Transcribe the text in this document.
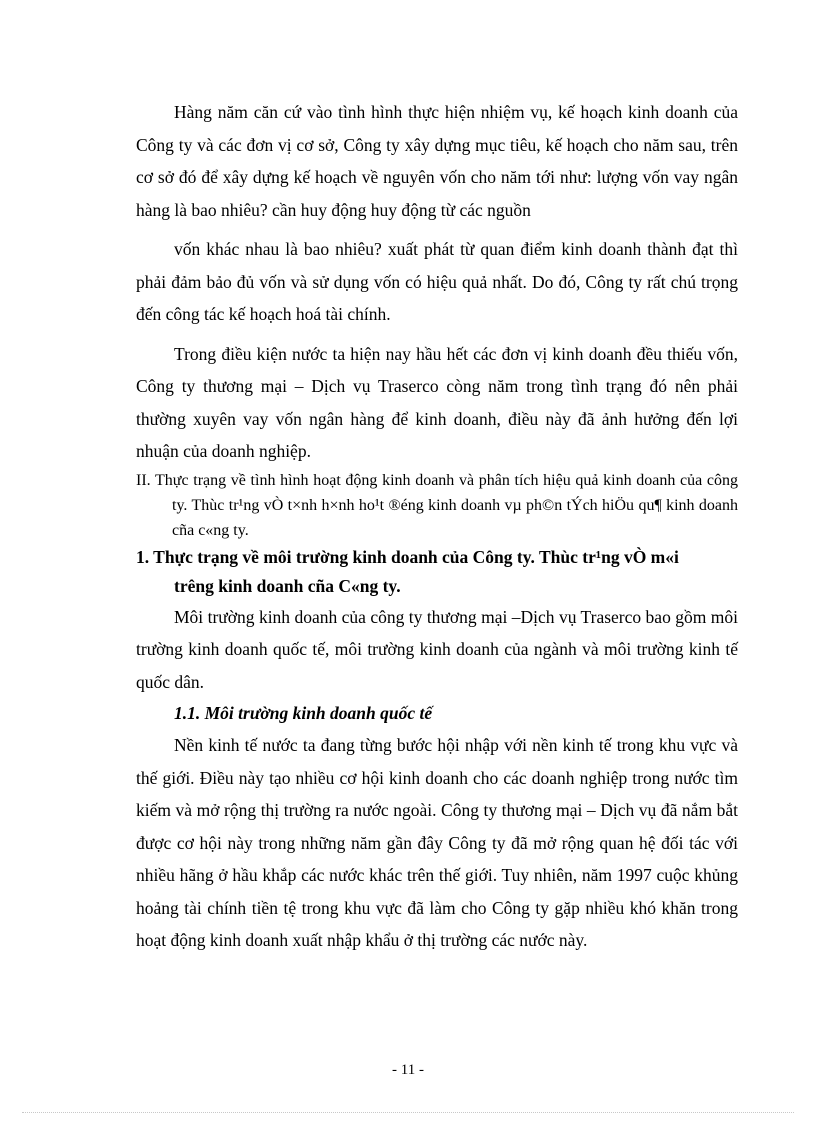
Hàng năm căn cứ vào tình hình thực hiện nhiệm vụ, kế hoạch kinh doanh của Công ty và các đơn vị cơ sở, Công ty xây dựng mục tiêu, kế hoạch cho năm sau, trên cơ sở đó để xây dựng kế hoạch về nguyên vốn cho năm tới như: lượng vốn vay ngân hàng là bao nhiêu? cần huy động huy động từ các nguồn

vốn khác nhau là bao nhiêu? xuất phát từ quan điểm kinh doanh thành đạt thì phải đảm bảo đủ vốn và sử dụng vốn có hiệu quả nhất. Do đó, Công ty rất chú trọng đến công tác kế hoạch hoá tài chính.

Trong điều kiện nước ta hiện nay hầu hết các đơn vị kinh doanh đều thiếu vốn, Công ty thương mại – Dịch vụ Traserco còng năm trong tình trạng đó nên phải thường xuyên vay vốn ngân hàng để kinh doanh, điều này đã ảnh hưởng đến lợi nhuận của doanh nghiệp.

II. Thực trạng về tình hình hoạt động kinh doanh và phân tích hiệu quả kinh doanh của công ty. Thùc tr¹ng vÒ t×nh h×nh ho¹t ®éng kinh doanh vµ ph©n tÝch hiÖu qu¶ kinh doanh cña c«ng ty.

1. Thực trạng về môi trường kinh doanh của Công ty. Thùc tr¹ng vÒ m«i
trêng kinh doanh cña C«ng ty.

Môi trường kinh doanh của công ty thương mại –Dịch vụ Traserco bao gồm môi trường kinh doanh quốc tế, môi trường kinh doanh của ngành và môi trường kinh tế quốc dân.

1.1. Môi trường kinh doanh quốc tế

Nền kinh tế nước ta đang từng bước hội nhập với nền kinh tế trong khu vực và thế giới. Điều này tạo nhiều cơ hội kinh doanh cho các doanh nghiệp trong nước tìm kiếm và mở rộng thị trường ra nước ngoài. Công ty thương mại – Dịch vụ đã nắm bắt được cơ hội này trong những năm gần đây Công ty đã mở rộng quan hệ đối tác với nhiều hãng ở hầu khắp các nước khác trên thế giới. Tuy nhiên, năm 1997 cuộc khủng hoảng tài chính tiền tệ trong khu vực đã làm cho Công ty gặp nhiều khó khăn trong hoạt động kinh doanh xuất nhập khẩu ở thị trường các nước này.

- 11 -
